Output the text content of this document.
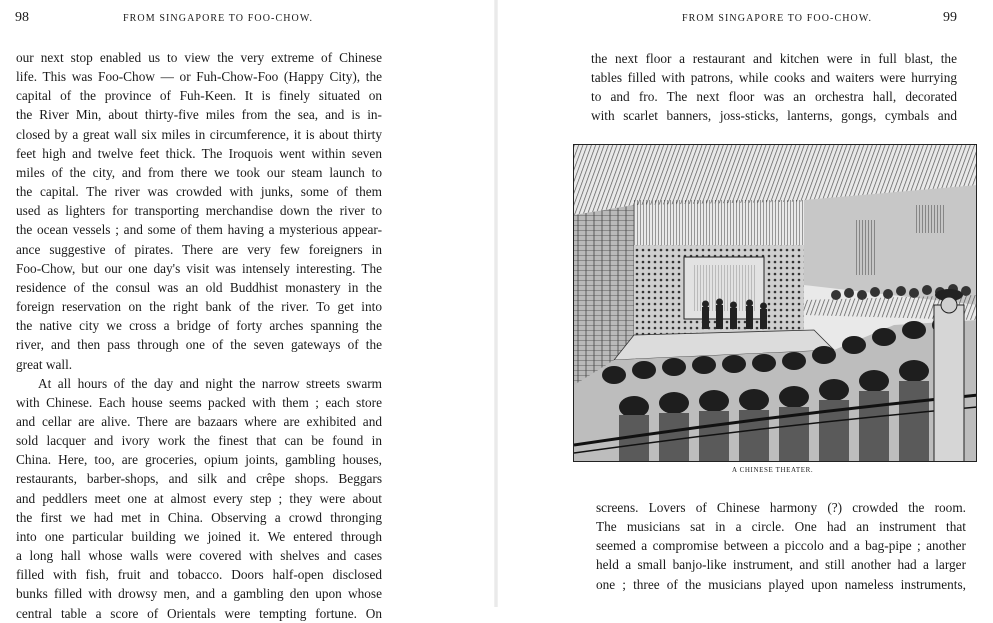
98	FROM SINGAPORE TO FOO-CHOW.

our next stop enabled us to view the very extreme of Chinese
life. This was Foo-Chow — or Fuh-Chow-Foo (Happy City), the
capital of the province of Fuh-Keen. It is finely situated on
the River Min, about thirty-five miles from the sea, and is in-
closed by a great wall six miles in circumference, it is about thirty
feet high and twelve feet thick. The Iroquois went within seven
miles of the city, and from there we took our steam launch to
the capital. The river was crowded with junks, some of them
used as lighters for transporting merchandise down the river to
the ocean vessels ; and some of them having a mysterious appear-
ance suggestive of pirates. There are very few foreigners in
Foo-Chow, but our one day's visit was intensely interesting. The
residence of the consul was an old Buddhist monastery in the
foreign reservation on the right bank of the river. To get into
the native city we cross a bridge of forty arches spanning the
river, and then pass through one of the seven gateways of the
great wall.

At all hours of the day and night the narrow streets swarm
with Chinese. Each house seems packed with them ; each store
and cellar are alive. There are bazaars where are exhibited and
sold lacquer and ivory work the finest that can be found in
China. Here, too, are groceries, opium joints, gambling houses,
restaurants, barber-shops, and silk and crêpe shops. Beggars
and peddlers meet one at almost every step ; they were about
the first we had met in China. Observing a crowd thronging
into one particular building we joined it. We entered through
a long hall whose walls were covered with shelves and cases
filled with fish, fruit and tobacco. Doors half-open disclosed
bunks filled with drowsy men, and a gambling den upon whose
central table a score of Orientals were tempting fortune. On

FROM SINGAPORE TO FOO-CHOW.	99
the next floor a restaurant and kitchen were in full blast, the
tables filled with patrons, while cooks and waiters were hurrying
to and fro. The next floor was an orchestra hall, decorated
with scarlet banners, joss-sticks, lanterns, gongs, cymbals and
A CHINESE THEATER.
screens. Lovers of Chinese harmony (?) crowded the room.
The musicians sat in a circle. One had an instrument that
seemed a compromise between a piccolo and a bag-pipe ; another
held a small banjo-like instrument, and still another had a larger
one ; three of the musicians played upon nameless instruments,
